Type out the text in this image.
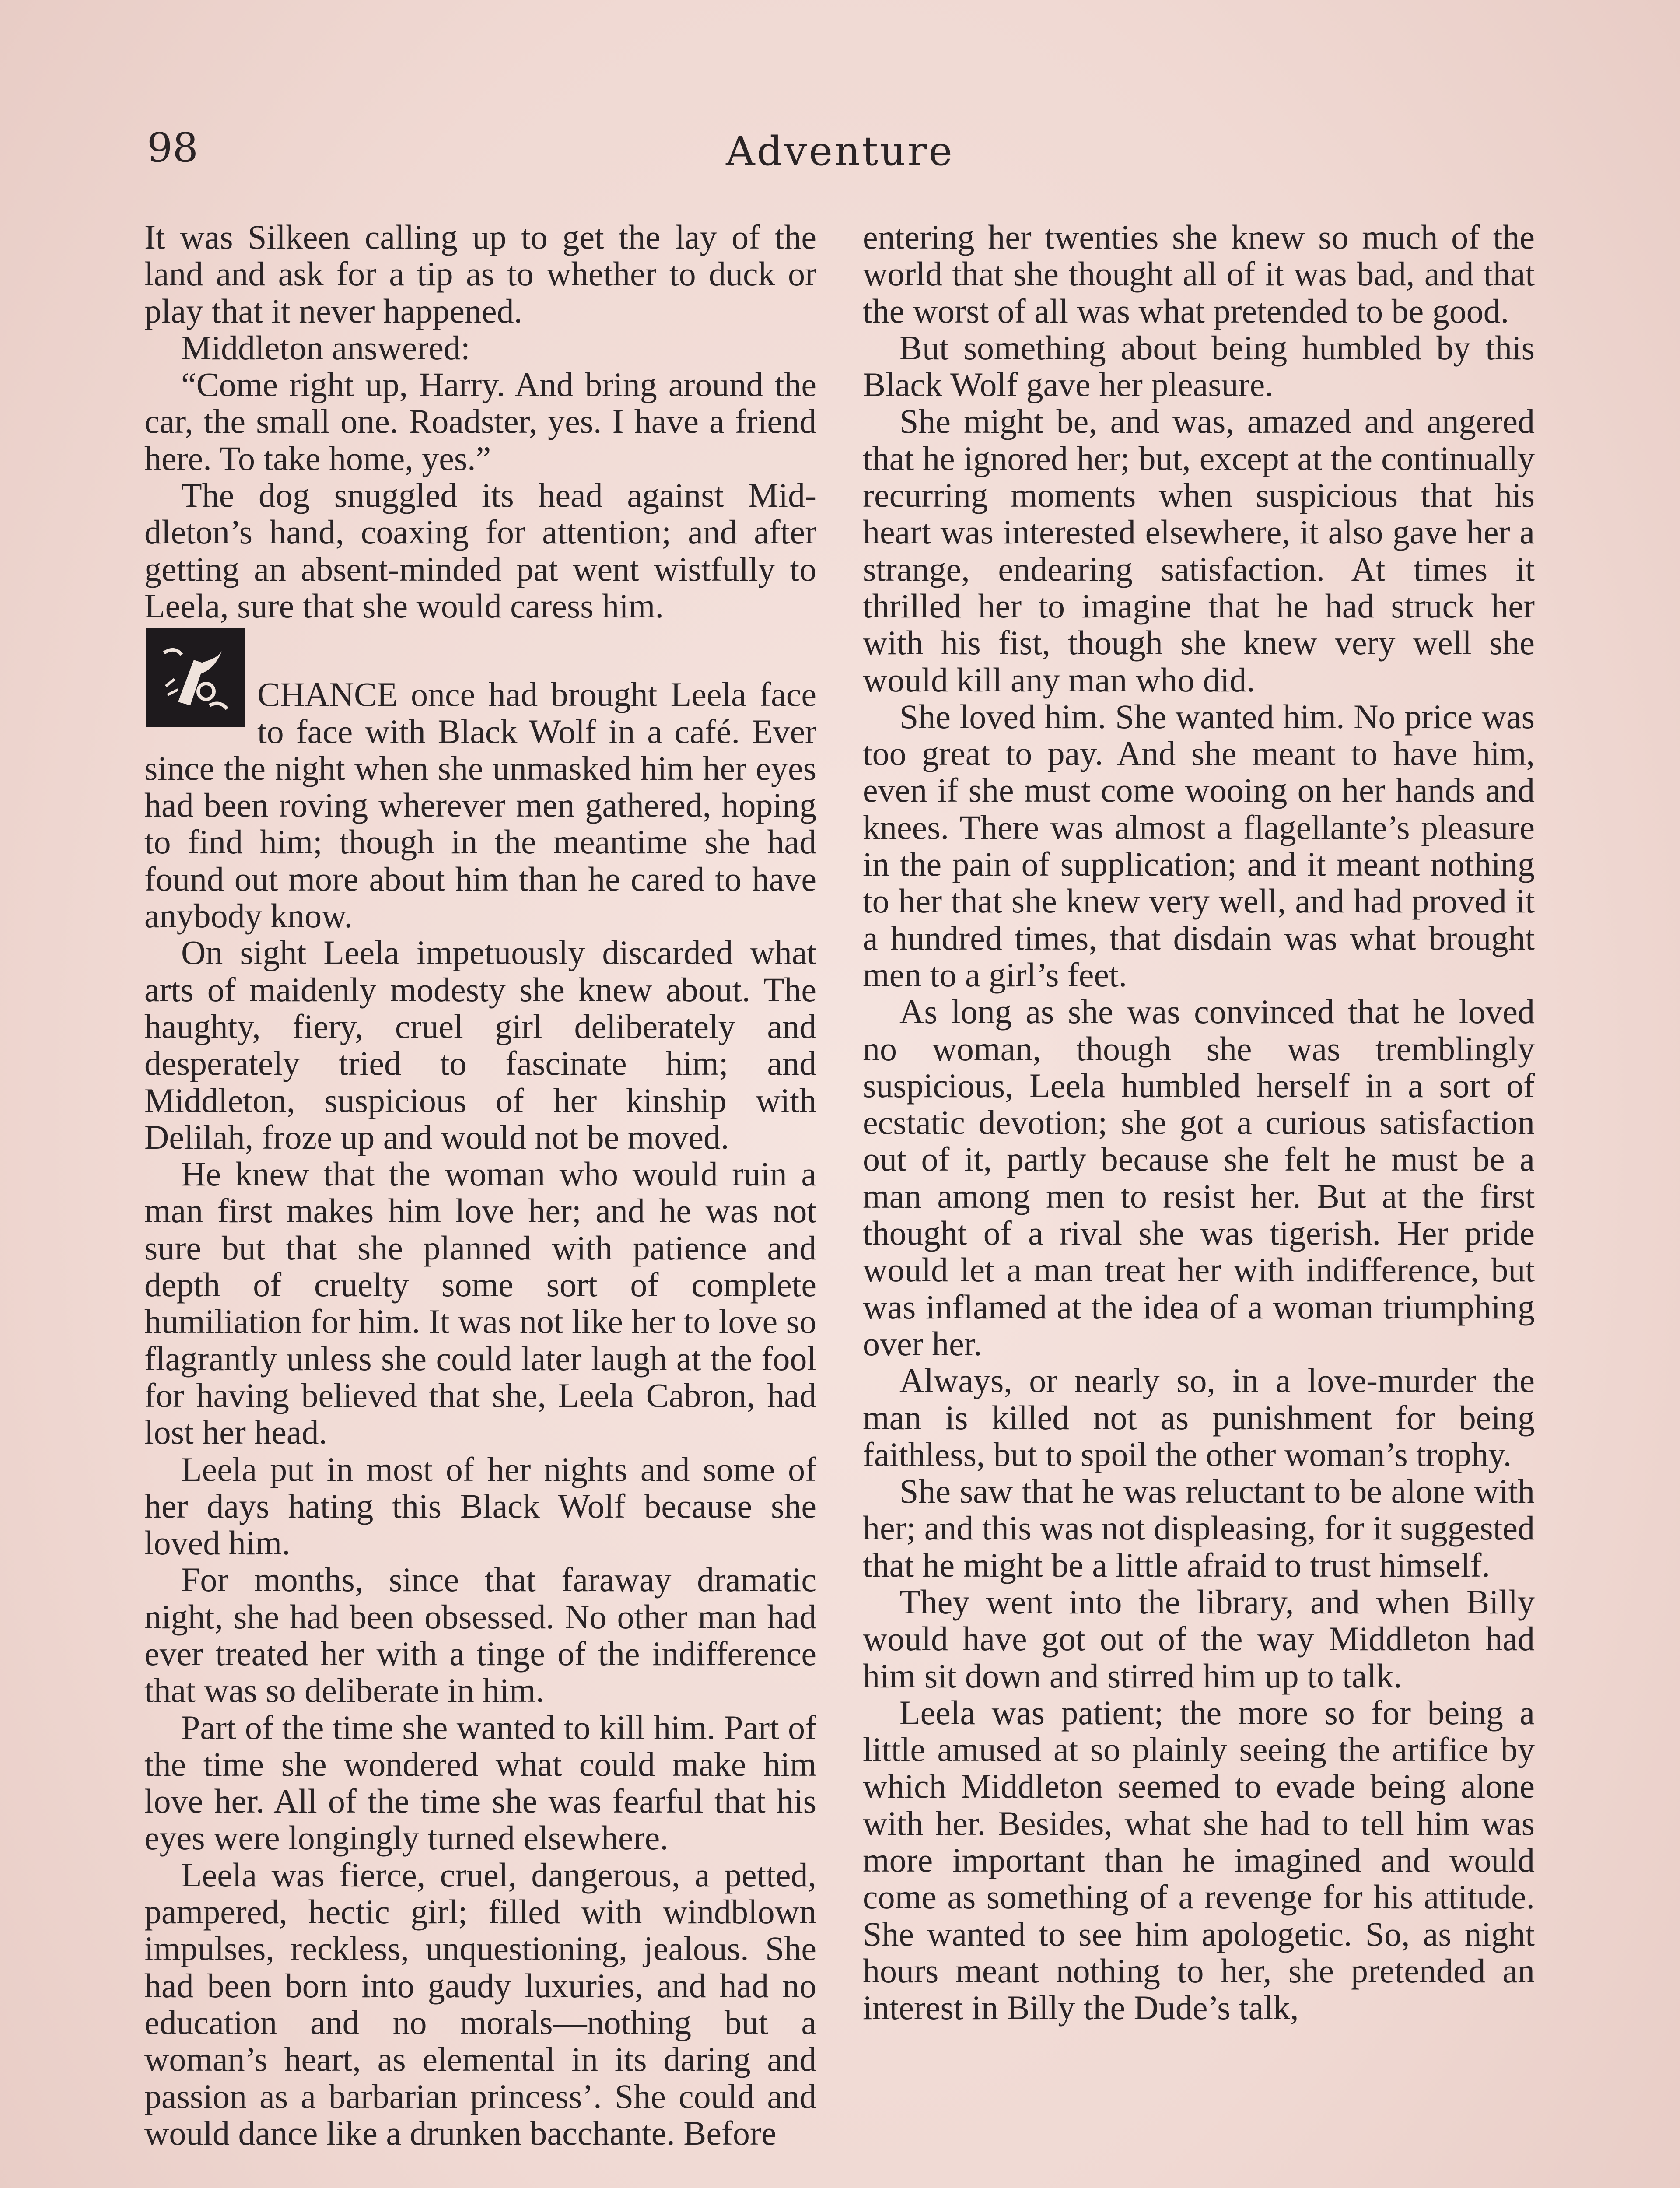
98	Adventure

It was Silkeen calling up to get the lay of the land and ask for a tip as to whether to duck or play that it never happened.

Middleton answered:

“Come right up, Harry. And bring around the car, the small one. Roadster, yes. I have a friend here. To take home, yes.”

The dog snuggled its head against Middleton’s hand, coaxing for attention; and after getting an absent-minded pat went wistfully to Leela, sure that she would caress him.

CHANCE once had brought Leela face to face with Black Wolf in a café. Ever since the night when she unmasked him her eyes had been roving wherever men gathered, hoping to find him; though in the meantime she had found out more about him than he cared to have anybody know.

On sight Leela impetuously discarded what arts of maidenly modesty she knew about. The haughty, fiery, cruel girl deliberately and desperately tried to fascinate him; and Middleton, suspicious of her kinship with Delilah, froze up and would not be moved.

He knew that the woman who would ruin a man first makes him love her; and he was not sure but that she planned with patience and depth of cruelty some sort of complete humiliation for him. It was not like her to love so flagrantly unless she could later laugh at the fool for having believed that she, Leela Cabron, had lost her head.

Leela put in most of her nights and some of her days hating this Black Wolf because she loved him.

For months, since that faraway dramatic night, she had been obsessed. No other man had ever treated her with a tinge of the indifference that was so deliberate in him.

Part of the time she wanted to kill him. Part of the time she wondered what could make him love her. All of the time she was fearful that his eyes were longingly turned elsewhere.

Leela was fierce, cruel, dangerous, a petted, pampered, hectic girl; filled with windblown impulses, reckless, unquestioning, jealous. She had been born into gaudy luxuries, and had no education and no morals—nothing but a woman’s heart, as elemental in its daring and passion as a barbarian princess’. She could and would dance like a drunken bacchante. Before

entering her twenties she knew so much of the world that she thought all of it was bad, and that the worst of all was what pretended to be good.

But something about being humbled by this Black Wolf gave her pleasure.

She might be, and was, amazed and angered that he ignored her; but, except at the continually recurring moments when suspicious that his heart was interested elsewhere, it also gave her a strange, endearing satisfaction. At times it thrilled her to imagine that he had struck her with his fist, though she knew very well she would kill any man who did.

She loved him. She wanted him. No price was too great to pay. And she meant to have him, even if she must come wooing on her hands and knees. There was almost a flagellante’s pleasure in the pain of supplication; and it meant nothing to her that she knew very well, and had proved it a hundred times, that disdain was what brought men to a girl’s feet.

As long as she was convinced that he loved no woman, though she was tremblingly suspicious, Leela humbled herself in a sort of ecstatic devotion; she got a curious satisfaction out of it, partly because she felt he must be a man among men to resist her. But at the first thought of a rival she was tigerish. Her pride would let a man treat her with indifference, but was inflamed at the idea of a woman triumphing over her.

Always, or nearly so, in a love-murder the man is killed not as punishment for being faithless, but to spoil the other woman’s trophy.

She saw that he was reluctant to be alone with her; and this was not displeasing, for it suggested that he might be a little afraid to trust himself.

They went into the library, and when Billy would have got out of the way Middleton had him sit down and stirred him up to talk.

Leela was patient; the more so for being a little amused at so plainly seeing the artifice by which Middleton seemed to evade being alone with her. Besides, what she had to tell him was more important than he imagined and would come as something of a revenge for his attitude. She wanted to see him apologetic. So, as night hours meant nothing to her, she pretended an interest in Billy the Dude’s talk,
